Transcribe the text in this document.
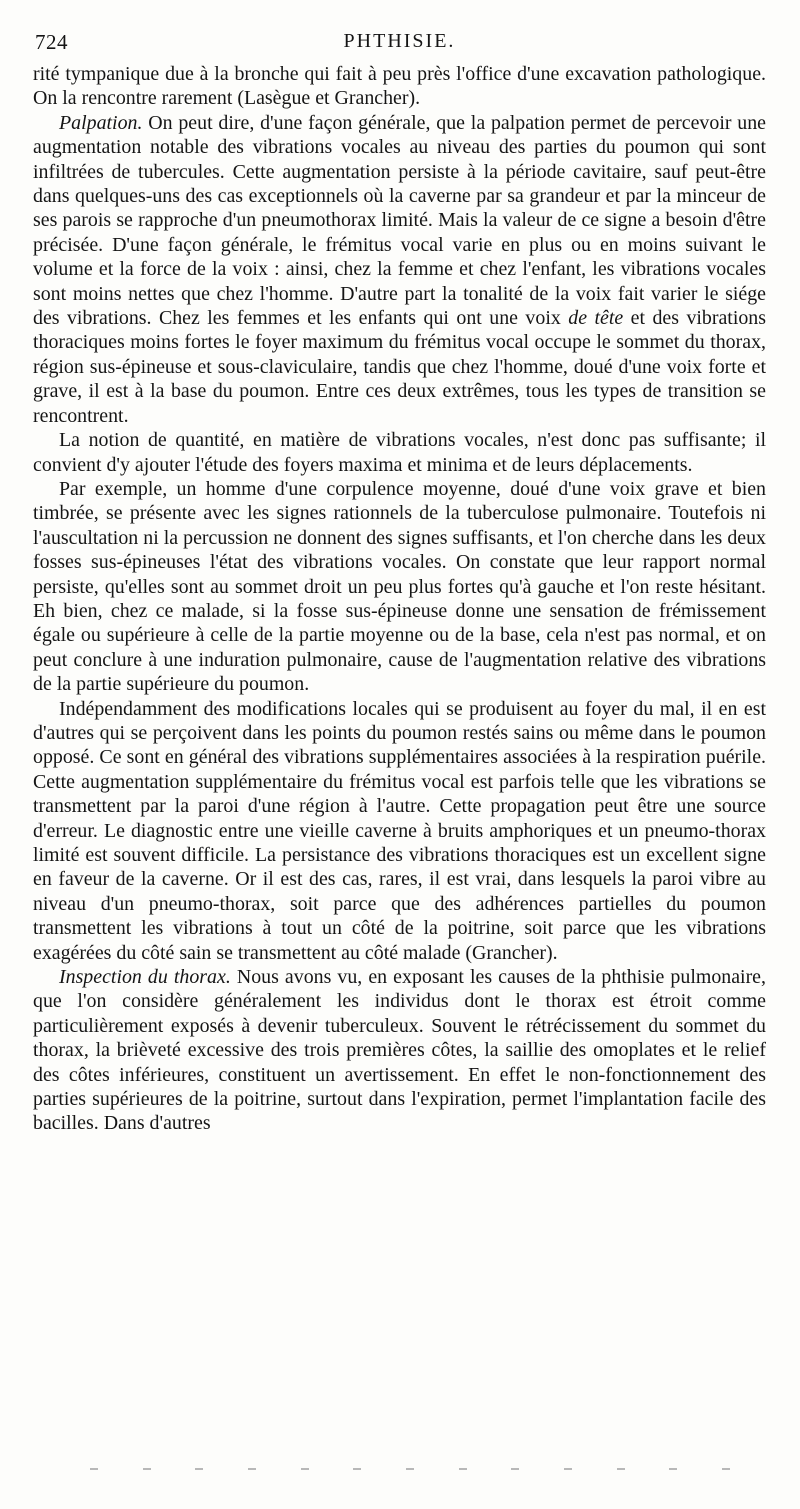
724	PHTHISIE.

rité tympanique due à la bronche qui fait à peu près l'office d'une excavation pathologique. On la rencontre rarement (Lasègue et Grancher).

Palpation. On peut dire, d'une façon générale, que la palpation permet de percevoir une augmentation notable des vibrations vocales au niveau des parties du poumon qui sont infiltrées de tubercules. Cette augmentation persiste à la période cavitaire, sauf peut-être dans quelques-uns des cas exceptionnels où la caverne par sa grandeur et par la minceur de ses parois se rapproche d'un pneumothorax limité. Mais la valeur de ce signe a besoin d'être précisée. D'une façon générale, le frémitus vocal varie en plus ou en moins suivant le volume et la force de la voix : ainsi, chez la femme et chez l'enfant, les vibrations vocales sont moins nettes que chez l'homme. D'autre part la tonalité de la voix fait varier le siége des vibrations. Chez les femmes et les enfants qui ont une voix de tête et des vibrations thoraciques moins fortes le foyer maximum du frémitus vocal occupe le sommet du thorax, région sus-épineuse et sous-claviculaire, tandis que chez l'homme, doué d'une voix forte et grave, il est à la base du poumon. Entre ces deux extrêmes, tous les types de transition se rencontrent.

La notion de quantité, en matière de vibrations vocales, n'est donc pas suffisante; il convient d'y ajouter l'étude des foyers maxima et minima et de leurs déplacements.

Par exemple, un homme d'une corpulence moyenne, doué d'une voix grave et bien timbrée, se présente avec les signes rationnels de la tuberculose pulmonaire. Toutefois ni l'auscultation ni la percussion ne donnent des signes suffisants, et l'on cherche dans les deux fosses sus-épineuses l'état des vibrations vocales. On constate que leur rapport normal persiste, qu'elles sont au sommet droit un peu plus fortes qu'à gauche et l'on reste hésitant. Eh bien, chez ce malade, si la fosse sus-épineuse donne une sensation de frémissement égale ou supérieure à celle de la partie moyenne ou de la base, cela n'est pas normal, et on peut conclure à une induration pulmonaire, cause de l'augmentation relative des vibrations de la partie supérieure du poumon.

Indépendamment des modifications locales qui se produisent au foyer du mal, il en est d'autres qui se perçoivent dans les points du poumon restés sains ou même dans le poumon opposé. Ce sont en général des vibrations supplémentaires associées à la respiration puérile. Cette augmentation supplémentaire du frémitus vocal est parfois telle que les vibrations se transmettent par la paroi d'une région à l'autre. Cette propagation peut être une source d'erreur. Le diagnostic entre une vieille caverne à bruits amphoriques et un pneumo-thorax limité est souvent difficile. La persistance des vibrations thoraciques est un excellent signe en faveur de la caverne. Or il est des cas, rares, il est vrai, dans lesquels la paroi vibre au niveau d'un pneumo-thorax, soit parce que des adhérences partielles du poumon transmettent les vibrations à tout un côté de la poitrine, soit parce que les vibrations exagérées du côté sain se transmettent au côté malade (Grancher).

Inspection du thorax. Nous avons vu, en exposant les causes de la phthisie pulmonaire, que l'on considère généralement les individus dont le thorax est étroit comme particulièrement exposés à devenir tuberculeux. Souvent le rétrécissement du sommet du thorax, la brièveté excessive des trois premières côtes, la saillie des omoplates et le relief des côtes inférieures, constituent un avertissement. En effet le non-fonctionnement des parties supérieures de la poitrine, surtout dans l'expiration, permet l'implantation facile des bacilles. Dans d'autres
